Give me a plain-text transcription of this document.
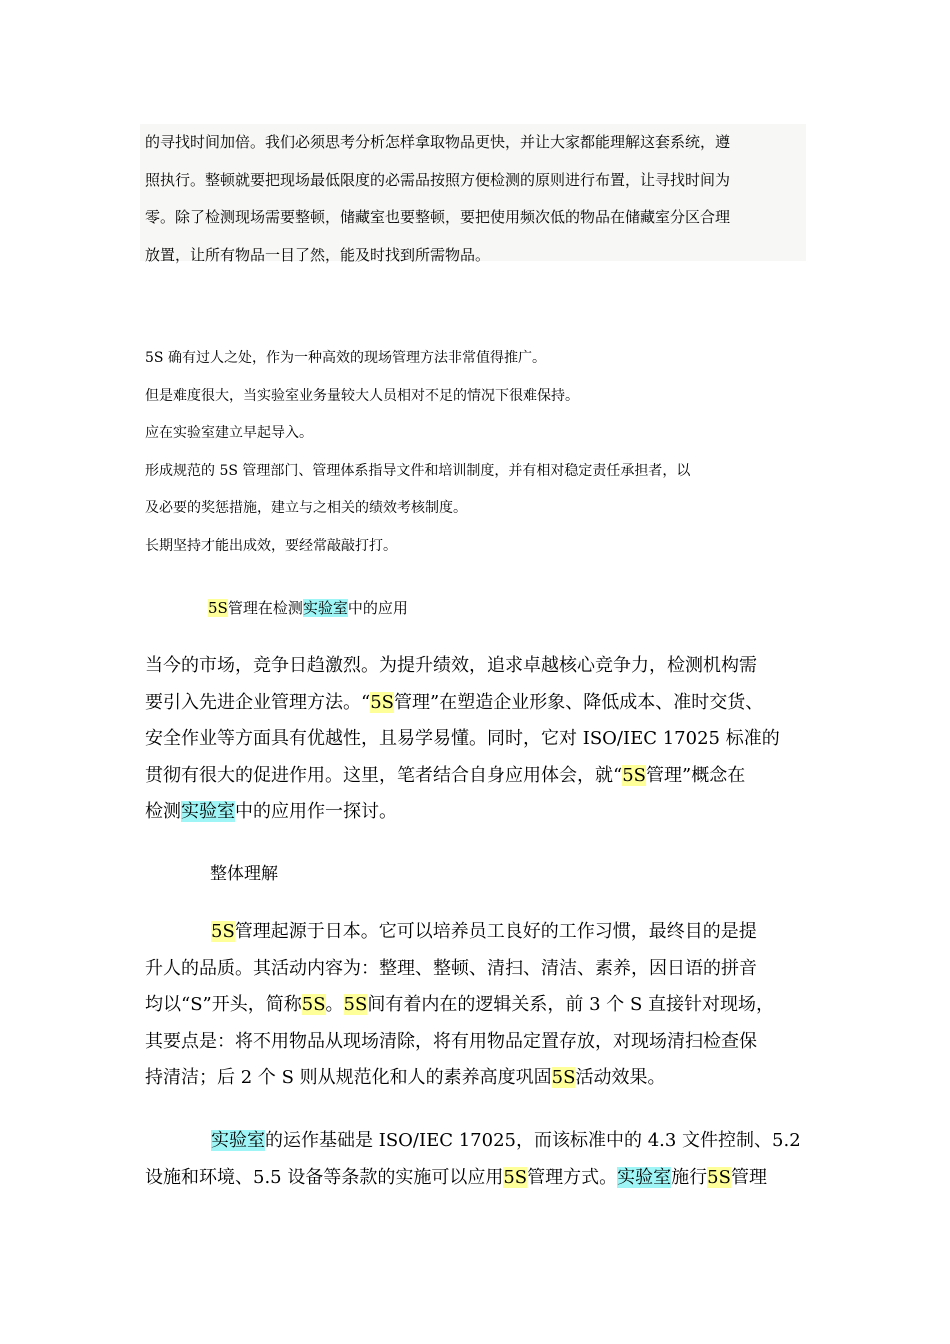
的寻找时间加倍。我们必须思考分析怎样拿取物品更快，并让大家都能理解这套系统，遵

照执行。整顿就要把现场最低限度的必需品按照方便检测的原则进行布置，让寻找时间为

零。除了检测现场需要整顿，储藏室也要整顿，要把使用频次低的物品在储藏室分区合理

放置，让所有物品一目了然，能及时找到所需物品。

5S 确有过人之处，作为一种高效的现场管理方法非常值得推广。

但是难度很大，当实验室业务量较大人员相对不足的情况下很难保持。

应在实验室建立早起导入。

形成规范的 5S 管理部门、管理体系指导文件和培训制度，并有相对稳定责任承担者，以

及必要的奖惩措施，建立与之相关的绩效考核制度。

长期坚持才能出成效，要经常敲敲打打。

5S管理在检测实验室中的应用

当今的市场，竞争日趋激烈。为提升绩效，追求卓越核心竞争力，检测机构需

要引入先进企业管理方法。“5S管理”在塑造企业形象、降低成本、准时交货、

安全作业等方面具有优越性，且易学易懂。同时，它对 ISO/IEC 17025 标准的

贯彻有很大的促进作用。这里，笔者结合自身应用体会，就“5S管理”概念在

检测实验室中的应用作一探讨。

整体理解

5S管理起源于日本。它可以培养员工良好的工作习惯，最终目的是提

升人的品质。其活动内容为：整理、整顿、清扫、清洁、素养，因日语的拼音

均以“S”开头，简称5S。5S间有着内在的逻辑关系，前 3 个 S 直接针对现场，

其要点是：将不用物品从现场清除，将有用物品定置存放，对现场清扫检查保

持清洁；后 2 个 S 则从规范化和人的素养高度巩固5S活动效果。

实验室的运作基础是 ISO/IEC 17025，而该标准中的 4.3 文件控制、5.2

设施和环境、5.5 设备等条款的实施可以应用5S管理方式。实验室施行5S管理
